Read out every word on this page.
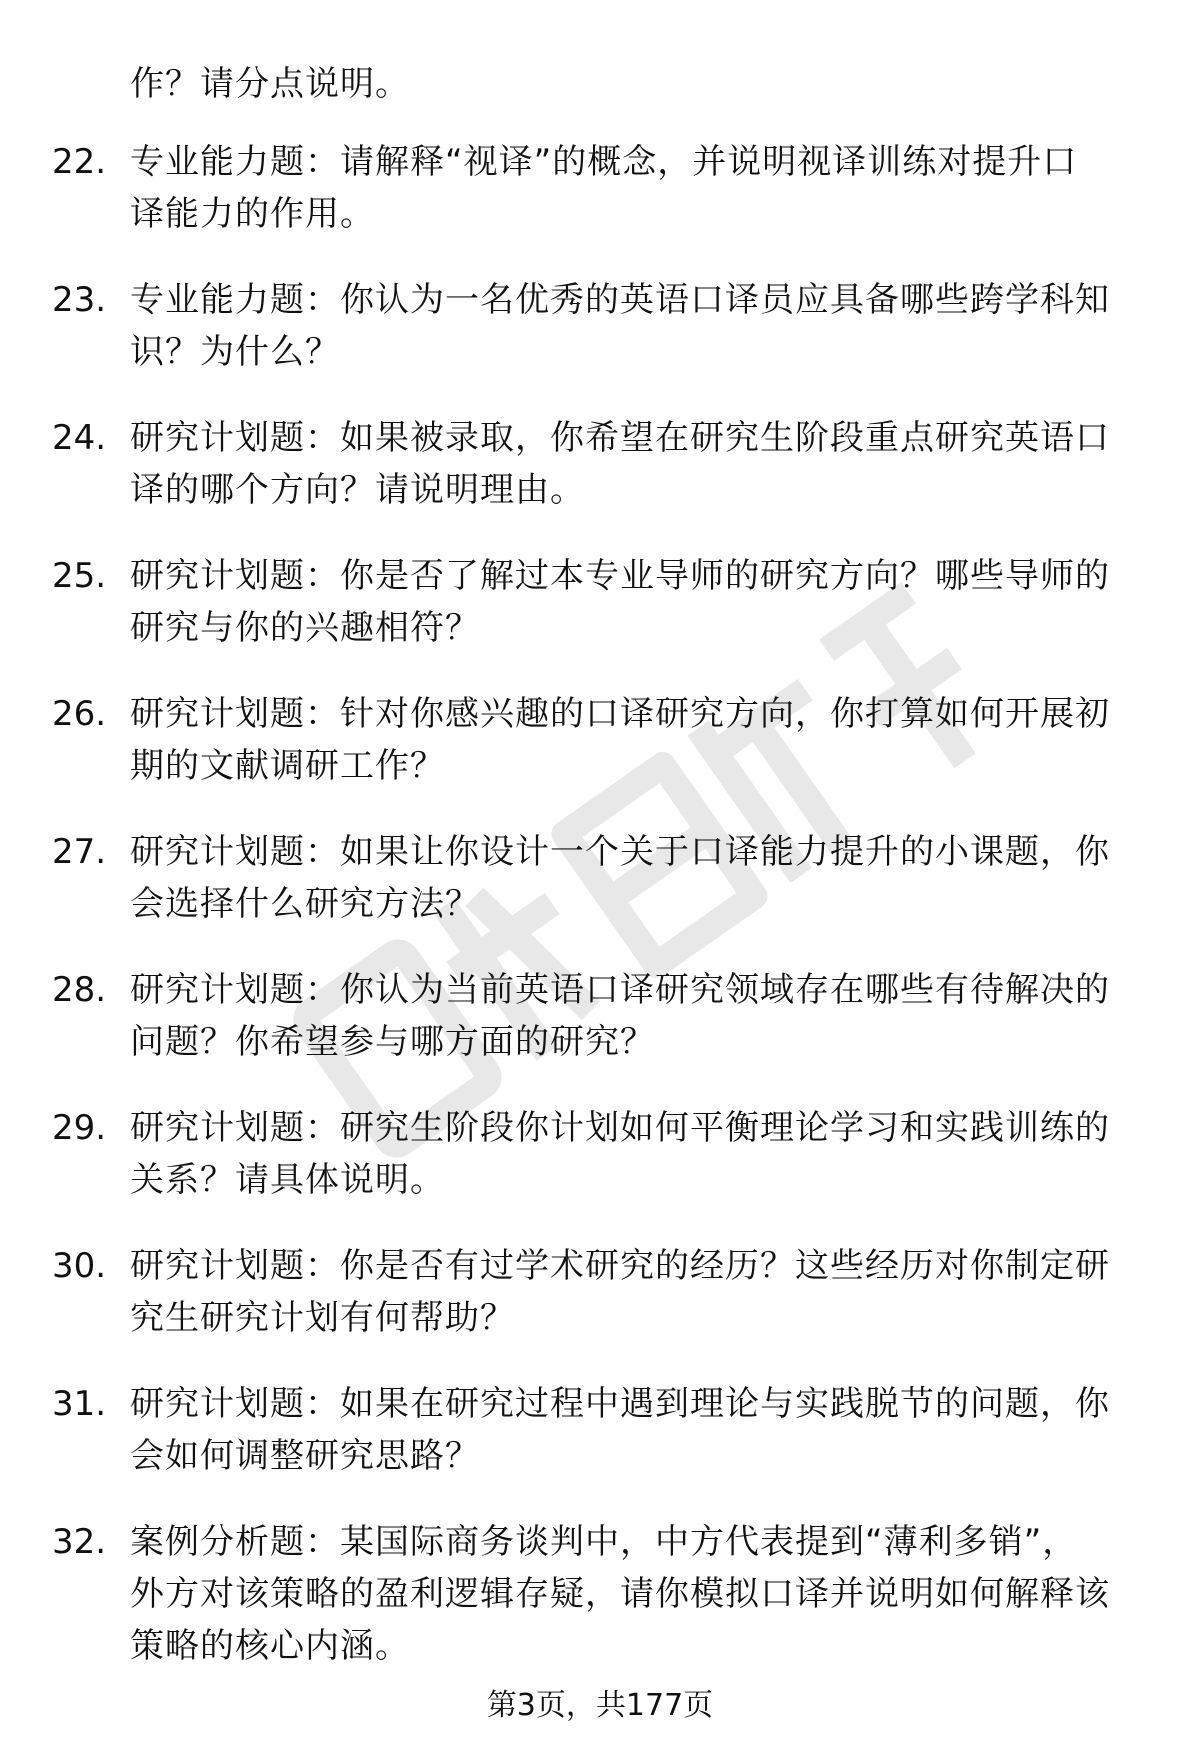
作？请分点说明。
22. 专业能力题：请解释“视译”的概念，并说明视译训练对提升口
译能力的作用。
23. 专业能力题：你认为一名优秀的英语口译员应具备哪些跨学科知
识？为什么？
24. 研究计划题：如果被录取，你希望在研究生阶段重点研究英语口
译的哪个方向？请说明理由。
25. 研究计划题：你是否了解过本专业导师的研究方向？哪些导师的
研究与你的兴趣相符？
26. 研究计划题：针对你感兴趣的口译研究方向，你打算如何开展初
期的文献调研工作？
27. 研究计划题：如果让你设计一个关于口译能力提升的小课题，你
会选择什么研究方法？
28. 研究计划题：你认为当前英语口译研究领域存在哪些有待解决的
问题？你希望参与哪方面的研究？
29. 研究计划题：研究生阶段你计划如何平衡理论学习和实践训练的
关系？请具体说明。
30. 研究计划题：你是否有过学术研究的经历？这些经历对你制定研
究生研究计划有何帮助？
31. 研究计划题：如果在研究过程中遇到理论与实践脱节的问题，你
会如何调整研究思路？
32. 案例分析题：某国际商务谈判中，中方代表提到“薄利多销”，
外方对该策略的盈利逻辑存疑，请你模拟口译并说明如何解释该
策略的核心内涵。
第3页，共177页
